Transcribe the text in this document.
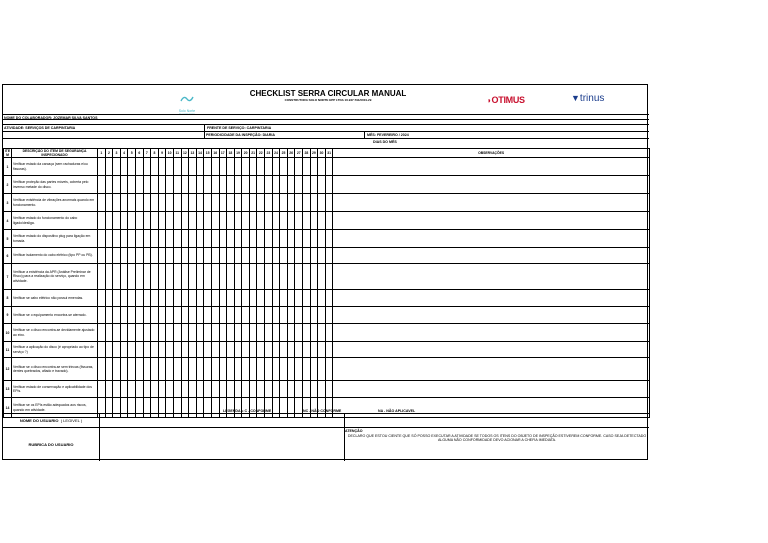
Solo Norte
Construtora
CHECKLIST SERRA CIRCULAR MANUAL
CONSTRUTORA SOLO NORTE EPP LTDA 16.947.791/0001-29	◗OTIMUS	▼trinus
NOME DO COLABORADOR: JOZEMAR SILVA SANTOS
ATIVIDADE: SERVIÇOS DE CARPINTARIA	FRENTE DE SERVIÇO: CARPINTARIA
PERIODICIDADE DA INSPEÇÃO: DIARIA	MÊS: FEVEREIRO / 2024
DIAS DO MÊS
ITE M	DESCRIÇÃO DO ITEM DE SEGURANÇA INSPECIONADO	1	2	3	4	5	6	7	8	9	10	11	12	13	14	15	16	17	18	19	20	21	22	23	24	25	26	27	28	29	30	31	OBSERVAÇÕES
1	Verificar estado da carcaça (sem rachaduras e/ou fissuras).																																
2	Verificar proteção das partes móveis, coberta pelo invenso metade do disco.																																
3	Verificar existência de vibrações anormais quando em funcionamento.																																
4	Verificar estado do funcionamento do cabo ligado/desliga.																																
5	Verificar estado do dispositivo plug para ligação em tomada.																																
6	Verificar isolamento do cabo elétrico (tipo PP ou PB).																																
7	Verificar a existência da APR (Análise Preliminar de Risco) para a realização do serviço, quando em atividade.																																
8	Verificar se cabo elétrico não possui emendas.																																
9	Verificar se o equipamento encontra-se aterrado.																																
10	Verificar se o disco encontra-se devidamente ajustado ao eixo.																																
11	Verificar a aplicação do disco (é apropriado ao tipo de serviço ?)																																
12	Verificar se o disco encontra-se sem trincas (fissuras, dentes quebrados, afiado e travado).																																
13	Verificar estado de conservação e aplicabilidade dos EPIs.																																
14	Verificar se os EPIs estão adequados aos riscos, quando em atividade.																																	LEGENDA = C - CONFORME	NC - NÃO CONFORME	NA - NÃO APLICAVEL
NOME DO USUARIO
( LEGIVEL )
RUBRICA DO USUARIO
ATENÇÃO
DECLARO QUE ESTOU CIENTE QUE SÓ POSSO EXECUTAR A ATIVIDADE SE TODOS OS ITENS DO OBJETO DE INSPEÇÃO ESTIVEREM CONFORME. CASO SEJA DETECTADO ALGUMA NÃO CONFORMIDADE DEVO ACIONAR A CHEFIA IMEDIATA.
